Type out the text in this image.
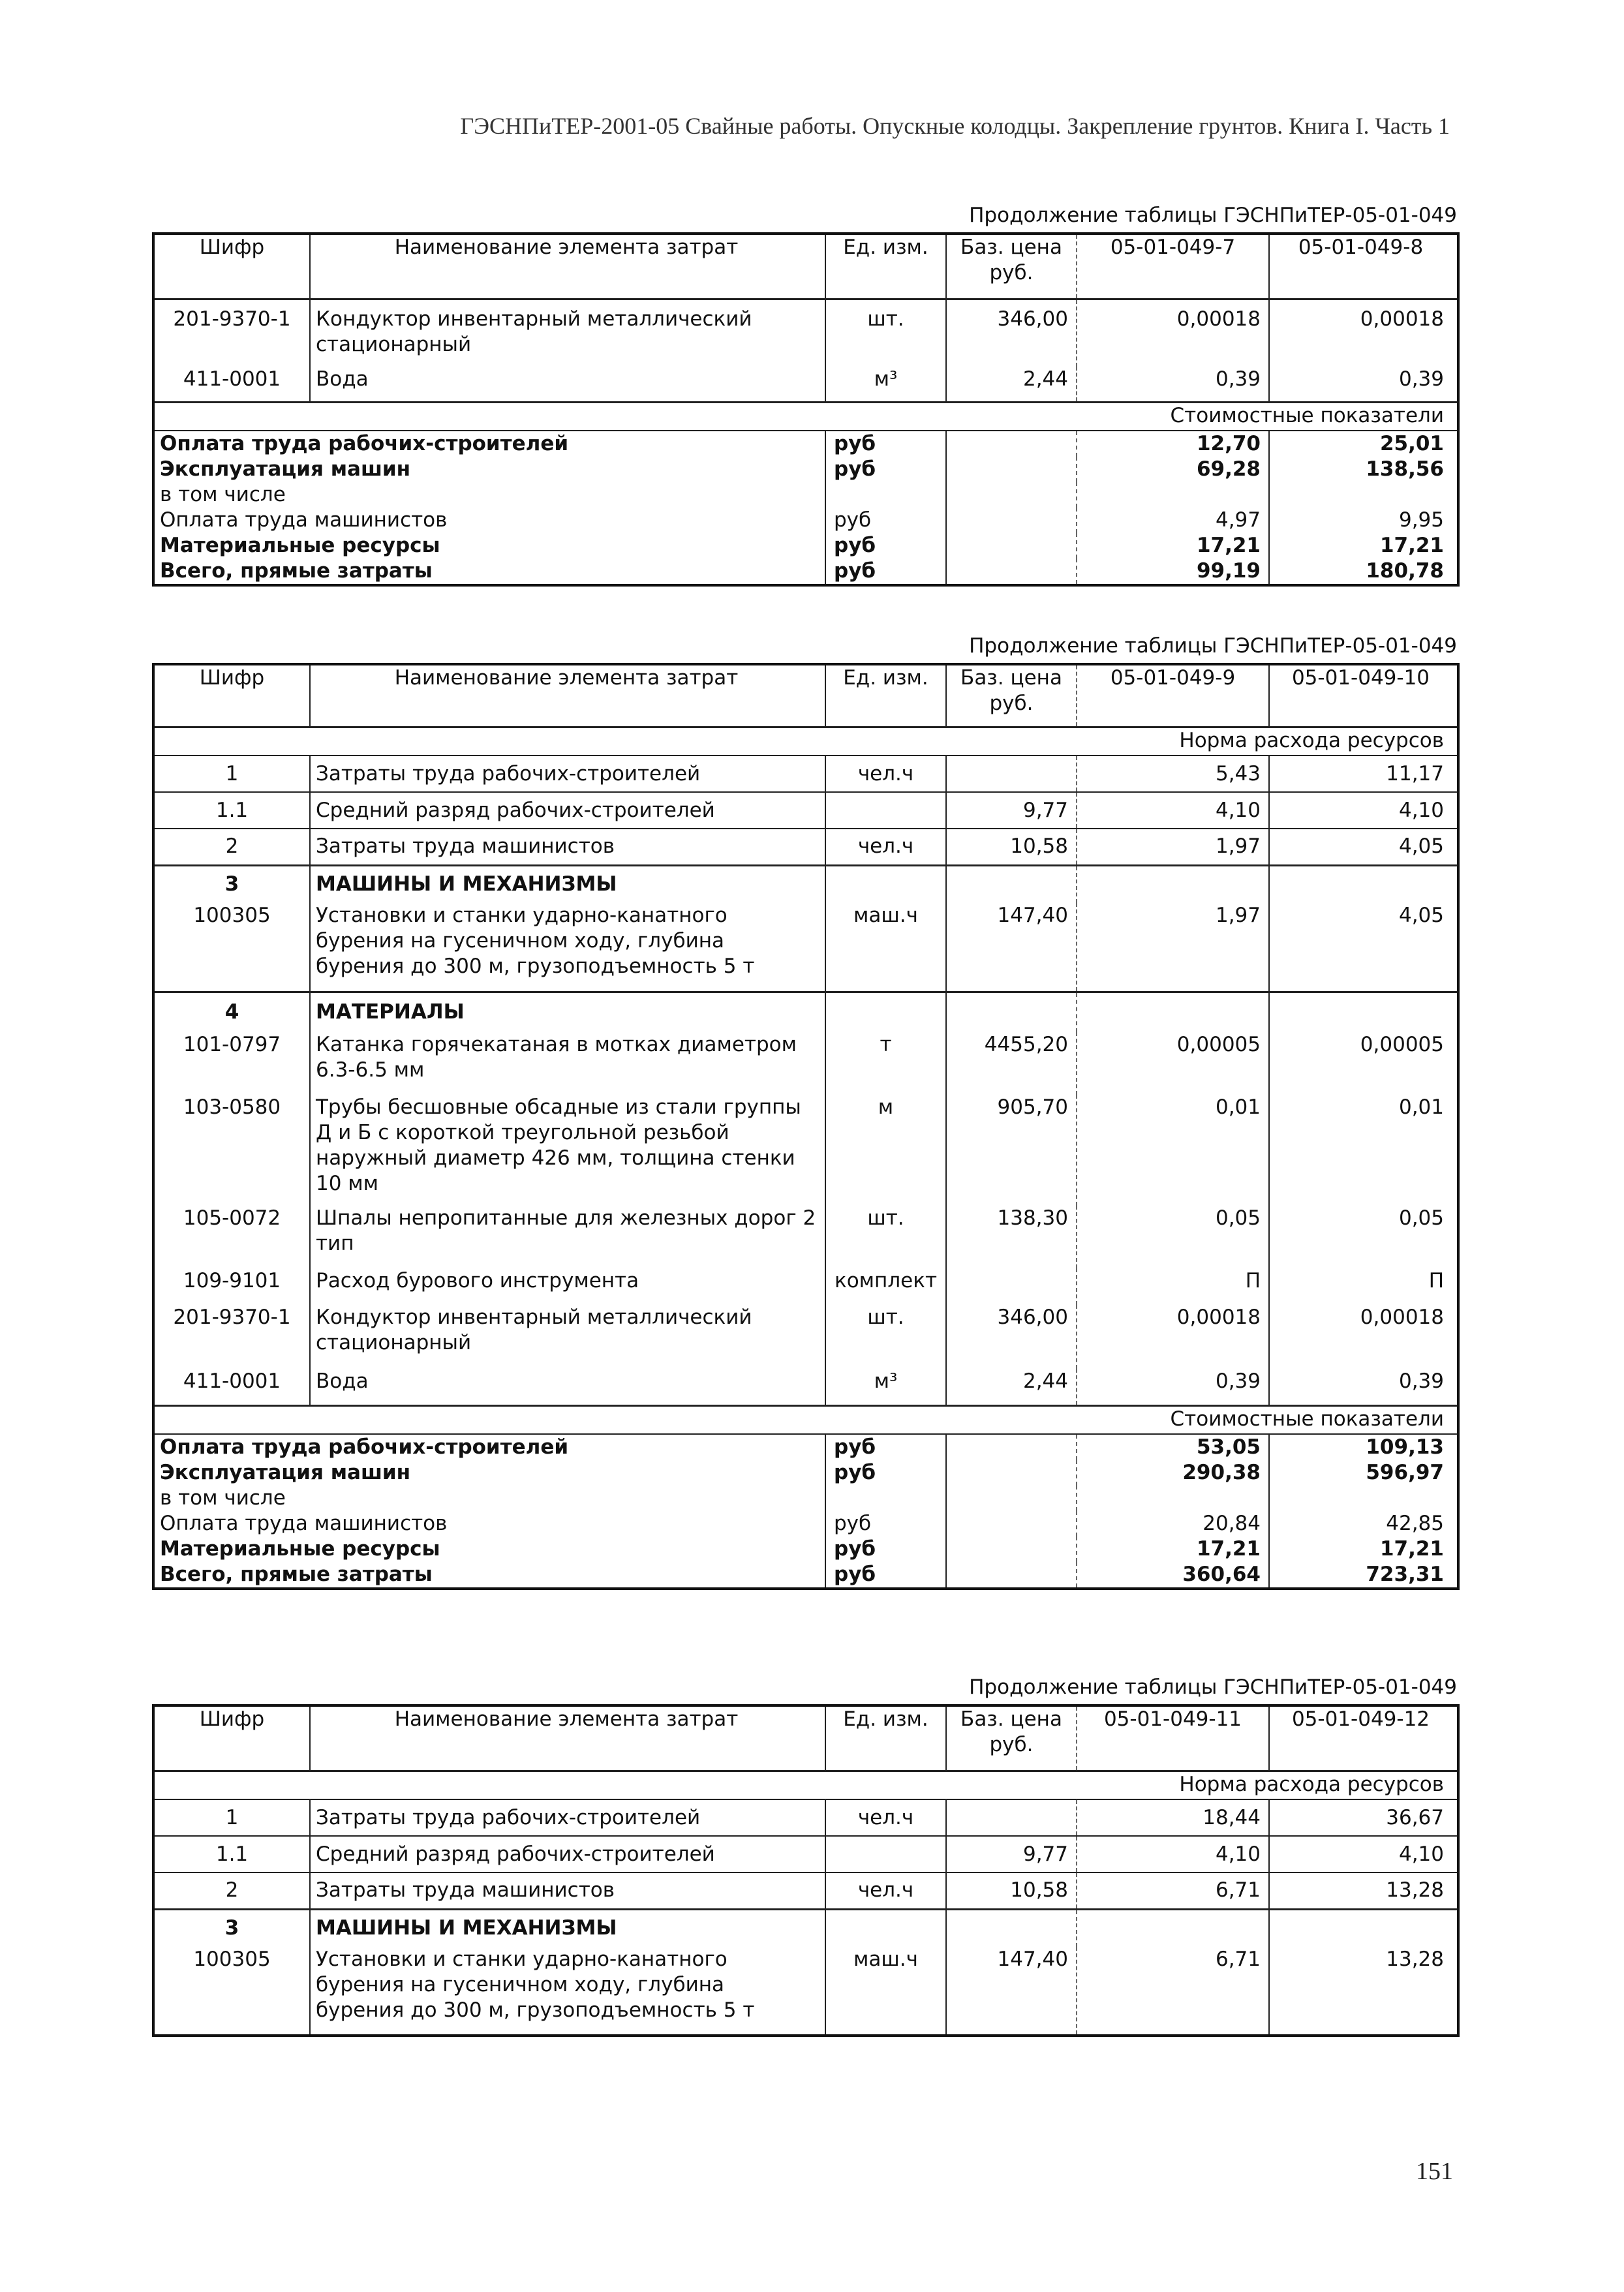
ГЭСНПиТЕР-2001-05 Свайные работы. Опускные колодцы. Закрепление грунтов. Книга I. Часть 1
Продолжение таблицы ГЭСНПиТЕР-05-01-049
Шифр	Наименование элемента затрат	Ед. изм.	Баз. цена руб.	05-01-049-7	05-01-049-8
201-9370-1	Кондуктор инвентарный металлический стационарный	шт.	346,00	0,00018	0,00018
411-0001	Вода	м³	2,44	0,39	0,39
Стоимостные показатели					
Оплата труда рабочих-строителей		руб		12,70	25,01
Эксплуатация машин		руб		69,28	138,56
в том числе					
Оплата труда машинистов		руб		4,97	9,95
Материальные ресурсы		руб		17,21	17,21
Всего, прямые затраты		руб		99,19	180,78
Продолжение таблицы ГЭСНПиТЕР-05-01-049
Шифр	Наименование элемента затрат	Ед. изм.	Баз. цена руб.	05-01-049-9	05-01-049-10
Норма расхода ресурсов					
1	Затраты труда рабочих-строителей	чел.ч		5,43	11,17
1.1	Средний разряд рабочих-строителей		9,77	4,10	4,10
2	Затраты труда машинистов	чел.ч	10,58	1,97	4,05
3	МАШИНЫ И МЕХАНИЗМЫ				
100305	Установки и станки ударно-канатного бурения на гусеничном ходу, глубина бурения до 300 м, грузоподъемность 5 т	маш.ч	147,40	1,97	4,05
4	МАТЕРИАЛЫ				
101-0797	Катанка горячекатаная в мотках диаметром 6.3-6.5 мм	т	4455,20	0,00005	0,00005
103-0580	Трубы бесшовные обсадные из стали группы Д и Б с короткой треугольной резьбой наружный диаметр 426 мм, толщина стенки 10 мм	м	905,70	0,01	0,01
105-0072	Шпалы непропитанные для железных дорог 2 тип	шт.	138,30	0,05	0,05
109-9101	Расход бурового инструмента	комплект		П	П
201-9370-1	Кондуктор инвентарный металлический стационарный	шт.	346,00	0,00018	0,00018
411-0001	Вода	м³	2,44	0,39	0,39
Стоимостные показатели					
Оплата труда рабочих-строителей		руб		53,05	109,13
Эксплуатация машин		руб		290,38	596,97
в том числе					
Оплата труда машинистов		руб		20,84	42,85
Материальные ресурсы		руб		17,21	17,21
Всего, прямые затраты		руб		360,64	723,31
Продолжение таблицы ГЭСНПиТЕР-05-01-049
Шифр	Наименование элемента затрат	Ед. изм.	Баз. цена руб.	05-01-049-11	05-01-049-12
Норма расхода ресурсов					
1	Затраты труда рабочих-строителей	чел.ч		18,44	36,67
1.1	Средний разряд рабочих-строителей		9,77	4,10	4,10
2	Затраты труда машинистов	чел.ч	10,58	6,71	13,28
3	МАШИНЫ И МЕХАНИЗМЫ				
100305	Установки и станки ударно-канатного бурения на гусеничном ходу, глубина бурения до 300 м, грузоподъемность 5 т	маш.ч	147,40	6,71	13,28
151
